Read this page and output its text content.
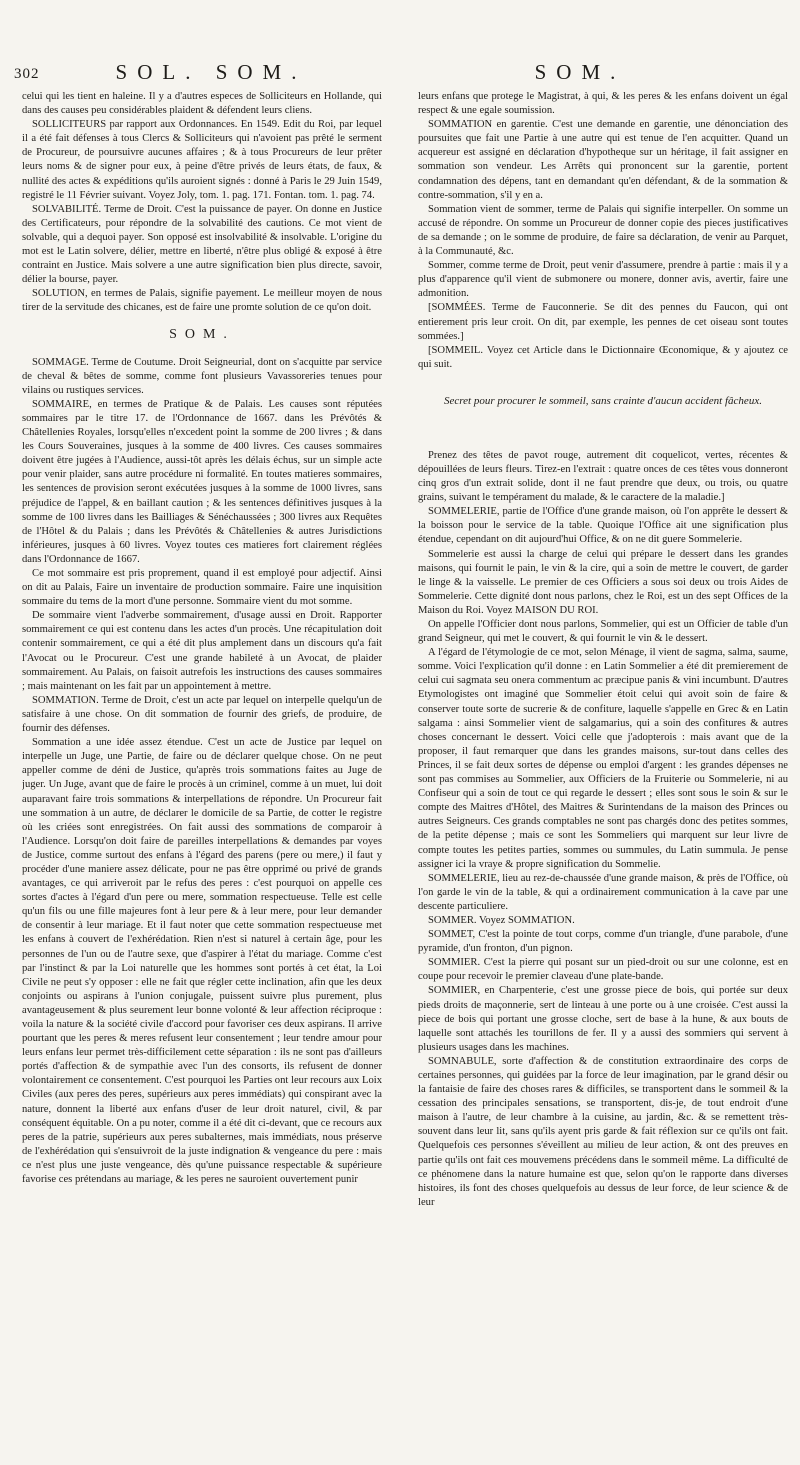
302	SOL. SOM.	SOM.

celui qui les tient en haleine. Il y a d'autres especes de Solliciteurs en Hollande, qui dans des causes peu considérables plaident & défendent leurs cliens.

SOLLICITEURS par rapport aux Ordonnances. En 1549. Edit du Roi, par lequel il a été fait défenses à tous Clercs & Solliciteurs qui n'avoient pas prêté le serment de Procureur, de poursuivre aucunes affaires ; & à tous Procureurs de leur prêter leurs noms & de signer pour eux, à peine d'être privés de leurs états, de faux, & nullité des actes & expéditions qu'ils auroient signés : donné à Paris le 29 Juin 1549, registré le 11 Février suivant. Voyez Joly, tom. 1. pag. 171. Fontan. tom. 1. pag. 74.

SOLVABILITÉ. Terme de Droit. C'est la puissance de payer. On donne en Justice des Certificateurs, pour répondre de la solvabilité des cautions. Ce mot vient de solvable, qui a dequoi payer. Son opposé est insolvabilité & insolvable. L'origine du mot est le Latin solvere, délier, mettre en liberté, n'être plus obligé & exposé à être contraint en Justice. Mais solvere a une autre signification bien plus directe, savoir, délier la bourse, payer.

SOLUTION, en termes de Palais, signifie payement. Le meilleur moyen de nous tirer de la servitude des chicanes, est de faire une promte solution de ce qu'on doit.

SOM.

SOMMAGE. Terme de Coutume. Droit Seigneurial, dont on s'acquitte par service de cheval & bêtes de somme, comme font plusieurs Vavassoreries tenues pour vilains ou rustiques services.

SOMMAIRE, en termes de Pratique & de Palais. Les causes sont réputées sommaires par le titre 17. de l'Ordonnance de 1667. dans les Prévôtés & Châtellenies Royales, lorsqu'elles n'excedent point la somme de 200 livres ; & dans les Cours Souveraines, jusques à la somme de 400 livres. Ces causes sommaires doivent être jugées à l'Audience, aussi-tôt après les délais échus, sur un simple acte pour venir plaider, sans autre procédure ni formalité. En toutes matieres sommaires, les sentences de provision seront exécutées jusques à la somme de 1000 livres, sans préjudice de l'appel, & en baillant caution ; & les sentences définitives jusques à la somme de 100 livres dans les Bailliages & Sénéchaussées ; 300 livres aux Requêtes de l'Hôtel & du Palais ; dans les Prévôtés & Châtellenies & autres Jurisdictions inférieures, jusques à 60 livres. Voyez toutes ces matieres fort clairement réglées dans l'Ordonnance de 1667.

Ce mot sommaire est pris proprement, quand il est employé pour adjectif. Ainsi on dit au Palais, Faire un inventaire de production sommaire. Faire une inquisition sommaire du tems de la mort d'une personne. Sommaire vient du mot somme.

De sommaire vient l'adverbe sommairement, d'usage aussi en Droit. Rapporter sommairement ce qui est contenu dans les actes d'un procès. Une récapitulation doit contenir sommairement, ce qui a été dit plus amplement dans un discours qu'a fait l'Avocat ou le Procureur. C'est une grande habileté à un Avocat, de plaider sommairement. Au Palais, on faisoit autrefois les instructions des causes sommaires ; mais maintenant on les fait par un appointement à mettre.

SOMMATION. Terme de Droit, c'est un acte par lequel on interpelle quelqu'un de satisfaire à une chose. On dit sommation de fournir des griefs, de produire, de fournir des défenses.

Sommation a une idée assez étendue. C'est un acte de Justice par lequel on interpelle un Juge, une Partie, de faire ou de déclarer quelque chose. On ne peut appeller comme de déni de Justice, qu'après trois sommations faites au Juge de juger. Un Juge, avant que de faire le procès à un criminel, comme à un muet, lui doit auparavant faire trois sommations & interpellations de répondre. Un Procureur fait une sommation à un autre, de déclarer le domicile de sa Partie, de cotter le registre où les criées sont enregistrées. On fait aussi des sommations de comparoir à l'Audience. Lorsqu'on doit faire de pareilles interpellations & demandes par voyes de Justice, comme surtout des enfans à l'égard des parens (pere ou mere,) il faut y procéder d'une maniere assez délicate, pour ne pas être opprimé ou privé de grands avantages, ce qui arriveroit par le refus des peres : c'est pourquoi on appelle ces sortes d'actes à l'égard d'un pere ou mere, sommation respectueuse. Telle est celle qu'un fils ou une fille majeures font à leur pere & à leur mere, pour leur demander de consentir à leur mariage. Et il faut noter que cette sommation respectueuse met les enfans à couvert de l'exhérédation. Rien n'est si naturel à certain âge, pour les personnes de l'un ou de l'autre sexe, que d'aspirer à l'état du mariage. Comme c'est par l'instinct & par la Loi naturelle que les hommes sont portés à cet état, la Loi Civile ne peut s'y opposer : elle ne fait que régler cette inclination, afin que les deux conjoints ou aspirans à l'union conjugale, puissent suivre plus purement, plus avantageusement & plus seurement leur bonne volonté & leur affection réciproque : voila la nature & la société civile d'accord pour favoriser ces deux aspirans. Il arrive pourtant que les peres & meres refusent leur consentement ; leur tendre amour pour leurs enfans leur permet très-difficilement cette séparation : ils ne sont pas d'ailleurs portés d'affection & de sympathie avec l'un des consorts, ils refusent de donner volontairement ce consentement. C'est pourquoi les Parties ont leur recours aux Loix Civiles (aux peres des peres, supérieurs aux peres immédiats) qui conspirant avec la nature, donnent la liberté aux enfans d'user de leur droit naturel, civil, & par conséquent équitable. On a pu noter, comme il a été dit ci-devant, que ce recours aux peres de la patrie, supérieurs aux peres subalternes, mais immédiats, nous préserve de l'exhérédation qui s'ensuivroit de la juste indignation & vengeance du pere : mais ce n'est plus une juste vengeance, dès qu'une puissance respectable & supérieure favorise ces prétendans au mariage, & les peres ne sauroient ouvertement punir

leurs enfans que protege le Magistrat, à qui, & les peres & les enfans doivent un égal respect & une egale soumission.

SOMMATION en garentie. C'est une demande en garentie, une dénonciation des poursuites que fait une Partie à une autre qui est tenue de l'en acquitter. Quand un acquereur est assigné en déclaration d'hypotheque sur un héritage, il fait assigner en sommation son vendeur. Les Arrêts qui prononcent sur la garentie, portent condamnation des dépens, tant en demandant qu'en défendant, & de la sommation & contre-sommation, s'il y en a.

Sommation vient de sommer, terme de Palais qui signifie interpeller. On somme un accusé de répondre. On somme un Procureur de donner copie des pieces justificatives de sa demande ; on le somme de produire, de faire sa déclaration, de venir au Parquet, à la Communauté, &c.

Sommer, comme terme de Droit, peut venir d'assumere, prendre à partie : mais il y a plus d'apparence qu'il vient de submonere ou monere, donner avis, avertir, faire une admonition.

[SOMMÉES. Terme de Fauconnerie. Se dit des pennes du Faucon, qui ont entierement pris leur croit. On dit, par exemple, les pennes de cet oiseau sont toutes sommées.]

[SOMMEIL. Voyez cet Article dans le Dictionnaire Œconomique, & y ajoutez ce qui suit.

Secret pour procurer le sommeil, sans crainte d'aucun accident fâcheux.

Prenez des têtes de pavot rouge, autrement dit coquelicot, vertes, récentes & dépouillées de leurs fleurs. Tirez-en l'extrait : quatre onces de ces têtes vous donneront cinq gros d'un extrait solide, dont il ne faut prendre que deux, ou trois, ou quatre grains, suivant le tempérament du malade, & le caractere de la maladie.]

SOMMELERIE, partie de l'Office d'une grande maison, où l'on apprête le dessert & la boisson pour le service de la table. Quoique l'Office ait une signification plus étendue, cependant on dit aujourd'hui Office, & on ne dit guere Sommelerie.

Sommelerie est aussi la charge de celui qui prépare le dessert dans les grandes maisons, qui fournit le pain, le vin & la cire, qui a soin de mettre le couvert, de garder le linge & la vaisselle. Le premier de ces Officiers a sous soi deux ou trois Aides de Sommelerie. Cette dignité dont nous parlons, chez le Roi, est un des sept Offices de la Maison du Roi. Voyez MAISON DU ROI.

On appelle l'Officier dont nous parlons, Sommelier, qui est un Officier de table d'un grand Seigneur, qui met le couvert, & qui fournit le vin & le dessert.

A l'égard de l'étymologie de ce mot, selon Ménage, il vient de sagma, salma, saume, somme. Voici l'explication qu'il donne : en Latin Sommelier a été dit premierement de celui cui sagmata seu onera commentum ac præcipue panis & vini incumbunt. D'autres Etymologistes ont imaginé que Sommelier étoit celui qui avoit soin de faire & conserver toute sorte de sucrerie & de confiture, laquelle s'appelle en Grec & en Latin salgama : ainsi Sommelier vient de salgamarius, qui a soin des confitures & autres choses concernant le dessert. Voici celle que j'adopterois : mais avant que de la proposer, il faut remarquer que dans les grandes maisons, sur-tout dans celles des Princes, il se fait deux sortes de dépense ou emploi d'argent : les grandes dépenses ne sont pas commises au Sommelier, aux Officiers de la Fruiterie ou Sommelerie, ni au Confiseur qui a soin de tout ce qui regarde le dessert ; elles sont sous le soin & sur le compte des Maitres d'Hôtel, des Maitres & Surintendans de la maison des Princes ou autres Seigneurs. Ces grands comptables ne sont pas chargés donc des petites sommes, de la petite dépense ; mais ce sont les Sommeliers qui marquent sur leur livre de compte toutes les petites parties, sommes ou summules, du Latin summula. Je pense assigner ici la vraye & propre signification du Sommelie.

SOMMELERIE, lieu au rez-de-chaussée d'une grande maison, & près de l'Office, où l'on garde le vin de la table, & qui a ordinairement communication à la cave par une descente particuliere.

SOMMER. Voyez SOMMATION.

SOMMET, C'est la pointe de tout corps, comme d'un triangle, d'une parabole, d'une pyramide, d'un fronton, d'un pignon.

SOMMIER. C'est la pierre qui posant sur un pied-droit ou sur une colonne, est en coupe pour recevoir le premier claveau d'une plate-bande.

SOMMIER, en Charpenterie, c'est une grosse piece de bois, qui portée sur deux pieds droits de maçonnerie, sert de linteau à une porte ou à une croisée. C'est aussi la piece de bois qui portant une grosse cloche, sert de base à la hune, & aux bouts de laquelle sont attachés les tourillons de fer. Il y a aussi des sommiers qui servent à plusieurs usages dans les machines.

SOMNABULE, sorte d'affection & de constitution extraordinaire des corps de certaines personnes, qui guidées par la force de leur imagination, par le grand désir ou la fantaisie de faire des choses rares & difficiles, se transportent dans le sommeil & la cessation des principales sensations, se transportent, dis-je, de tout endroit d'une maison à l'autre, de leur chambre à la cuisine, au jardin, &c. & se remettent très-souvent dans leur lit, sans qu'ils ayent pris garde & fait réflexion sur ce qu'ils ont fait. Quelquefois ces personnes s'éveillent au milieu de leur action, & ont des preuves en partie qu'ils ont fait ces mouvemens précédens dans le sommeil même. La difficulté de ce phénomene dans la nature humaine est que, selon qu'on le rapporte dans diverses histoires, ils font des choses quelquefois au dessus de leur force, de leur science & de leur
